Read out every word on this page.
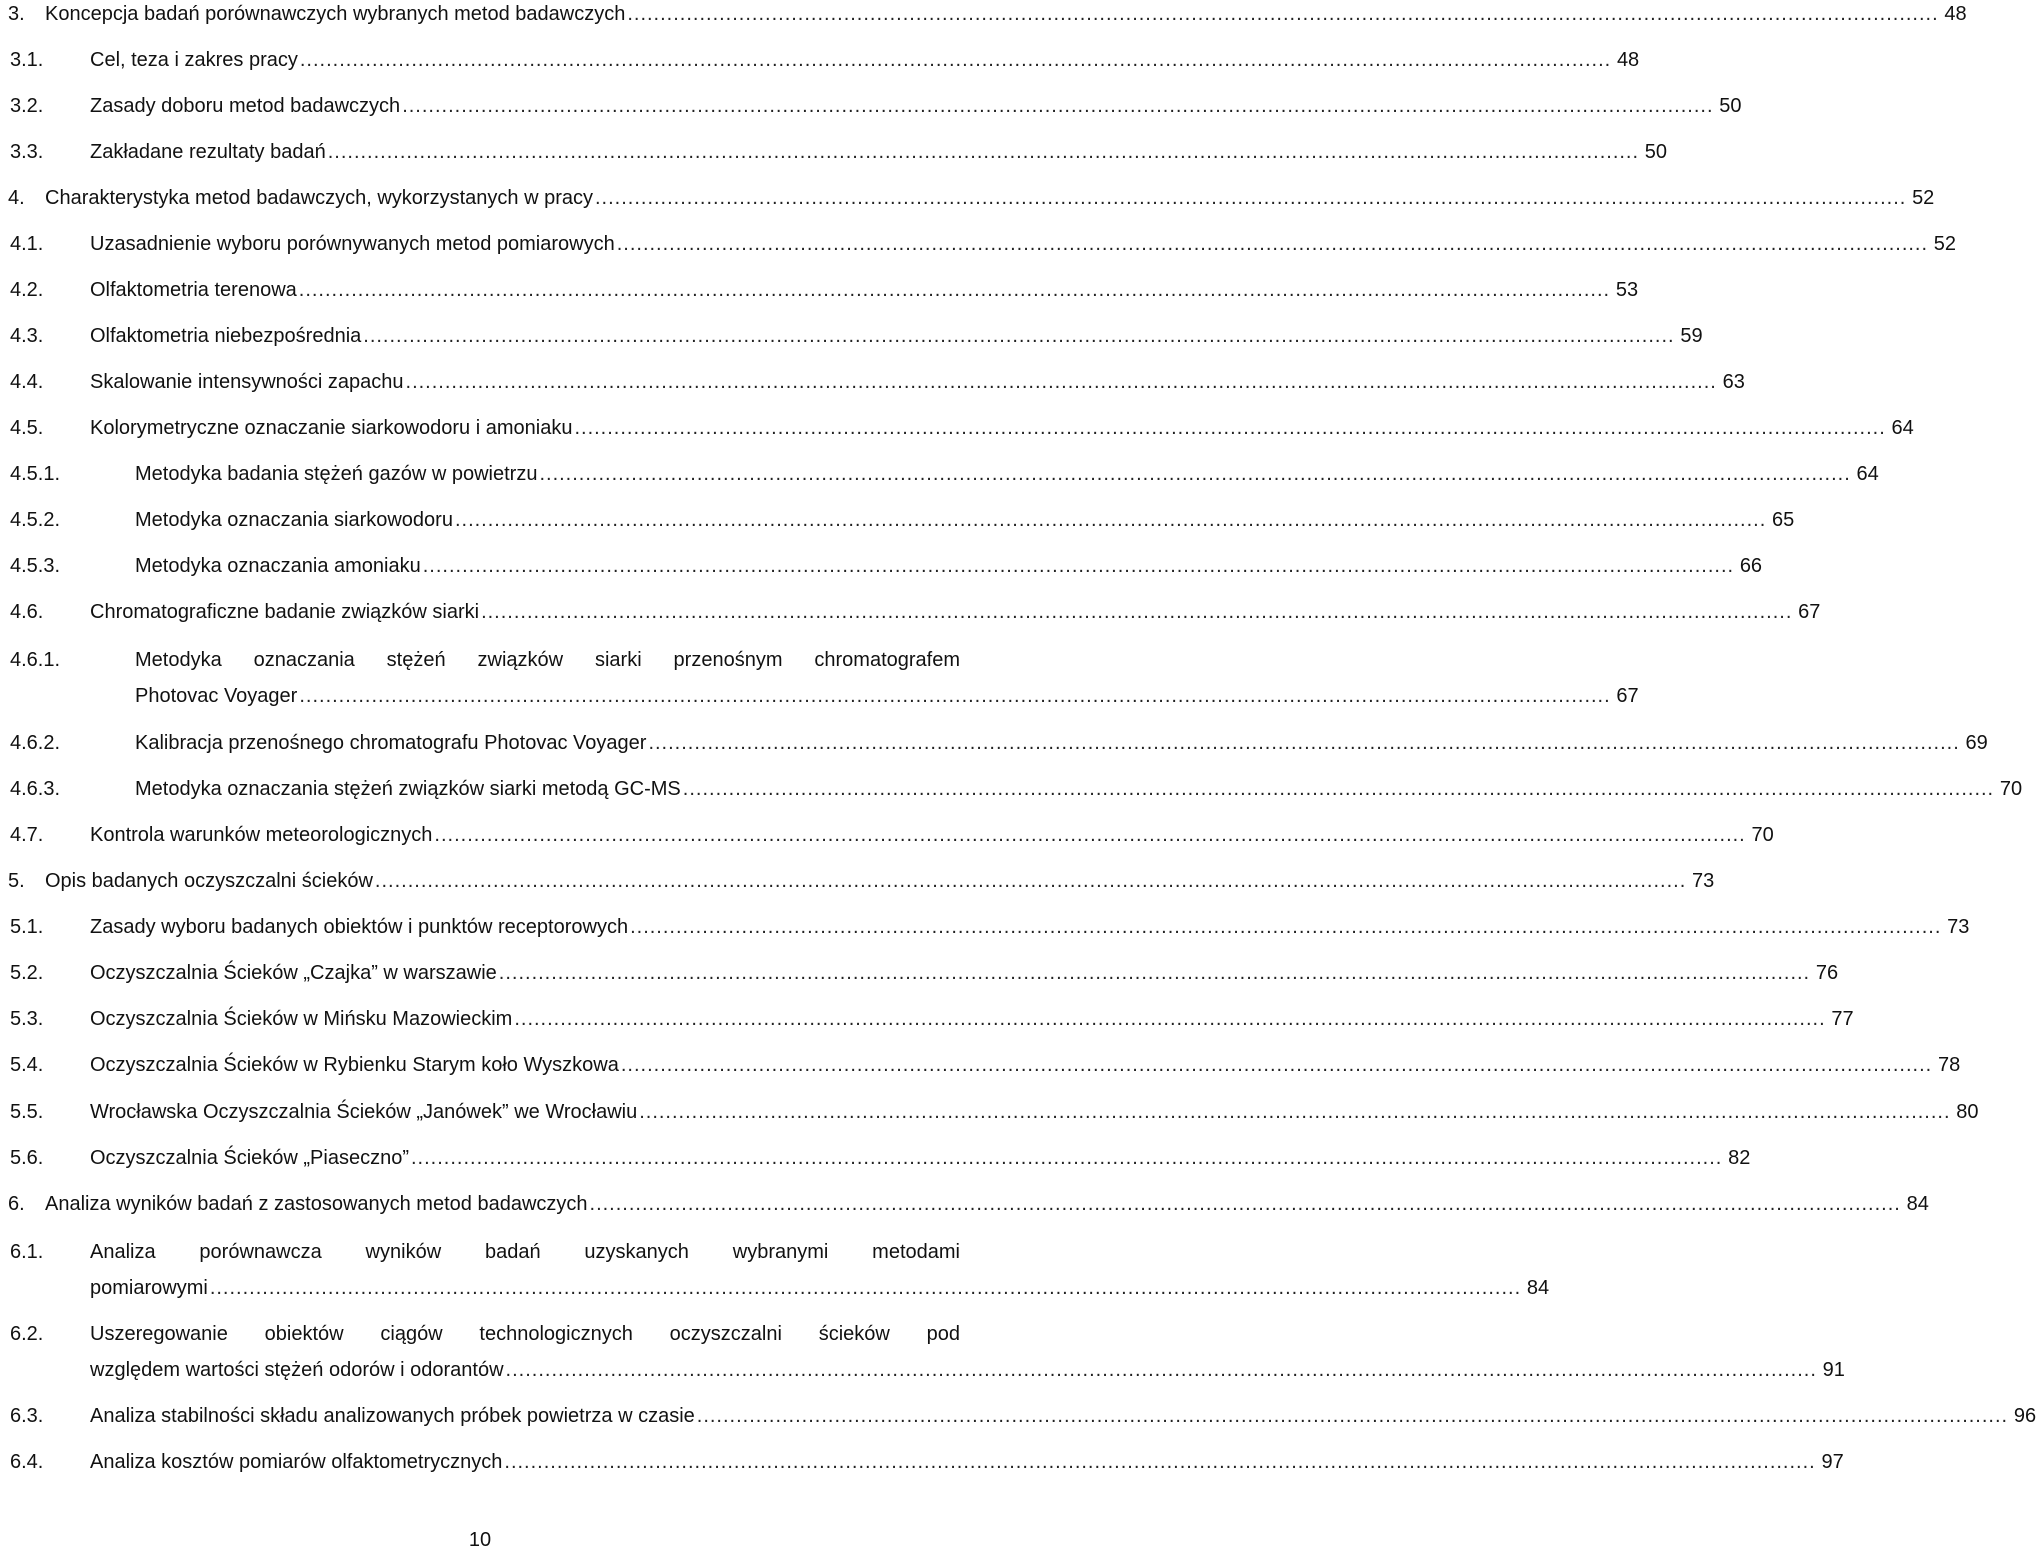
3. Koncepcja badań porównawczych wybranych metod badawczych ........................................................................................................................................................................................................ 48
3.1. Cel, teza i zakres pracy ........................................................................................................................................................................................................ 48
3.2. Zasady doboru metod badawczych ........................................................................................................................................................................................................ 50
3.3. Zakładane rezultaty badań ........................................................................................................................................................................................................ 50
4. Charakterystyka metod badawczych, wykorzystanych w pracy ........................................................................................................................................................................................................ 52
4.1. Uzasadnienie wyboru porównywanych metod pomiarowych ........................................................................................................................................................................................................ 52
4.2. Olfaktometria terenowa ........................................................................................................................................................................................................ 53
4.3. Olfaktometria niebezpośrednia ........................................................................................................................................................................................................ 59
4.4. Skalowanie intensywności zapachu ........................................................................................................................................................................................................ 63
4.5. Kolorymetryczne oznaczanie siarkowodoru i amoniaku ........................................................................................................................................................................................................ 64
4.5.1.	Metodyka badania stężeń gazów w powietrzu ........................................................................................................................................................................................................ 64
4.5.2.	Metodyka oznaczania siarkowodoru ........................................................................................................................................................................................................ 65
4.5.3.	Metodyka oznaczania amoniaku ........................................................................................................................................................................................................ 66
4.6. Chromatograficzne badanie związków siarki ........................................................................................................................................................................................................ 67
4.6.1.	Metodyka oznaczania stężeń związków siarki przenośnym chromatografem
Photovac Voyager ........................................................................................................................................................................................................ 67
4.6.2.	Kalibracja przenośnego chromatografu Photovac Voyager ........................................................................................................................................................................................................ 69
4.6.3.	Metodyka oznaczania stężeń związków siarki metodą GC-MS ........................................................................................................................................................................................................ 70
4.7. Kontrola warunków meteorologicznych ........................................................................................................................................................................................................ 70
5. Opis badanych oczyszczalni ścieków ........................................................................................................................................................................................................ 73
5.1. Zasady wyboru badanych obiektów i punktów receptorowych ........................................................................................................................................................................................................ 73
5.2. Oczyszczalnia Ścieków „Czajka” w warszawie ........................................................................................................................................................................................................ 76
5.3. Oczyszczalnia Ścieków w Mińsku Mazowieckim ........................................................................................................................................................................................................ 77
5.4. Oczyszczalnia Ścieków w Rybienku Starym koło Wyszkowa ........................................................................................................................................................................................................ 78
5.5. Wrocławska Oczyszczalnia Ścieków „Janówek” we Wrocławiu ........................................................................................................................................................................................................ 80
5.6. Oczyszczalnia Ścieków „Piaseczno” ........................................................................................................................................................................................................ 82
6. Analiza wyników badań z zastosowanych metod badawczych ........................................................................................................................................................................................................ 84
6.1. Analiza porównawcza wyników badań uzyskanych wybranymi metodami
pomiarowymi ........................................................................................................................................................................................................ 84
6.2. Uszeregowanie obiektów ciągów technologicznych oczyszczalni ścieków pod
względem wartości stężeń odorów i odorantów ........................................................................................................................................................................................................ 91
6.3. Analiza stabilności składu analizowanych próbek powietrza w czasie ........................................................................................................................................................................................................ 96
6.4. Analiza kosztów pomiarów olfaktometrycznych ........................................................................................................................................................................................................ 97
10
